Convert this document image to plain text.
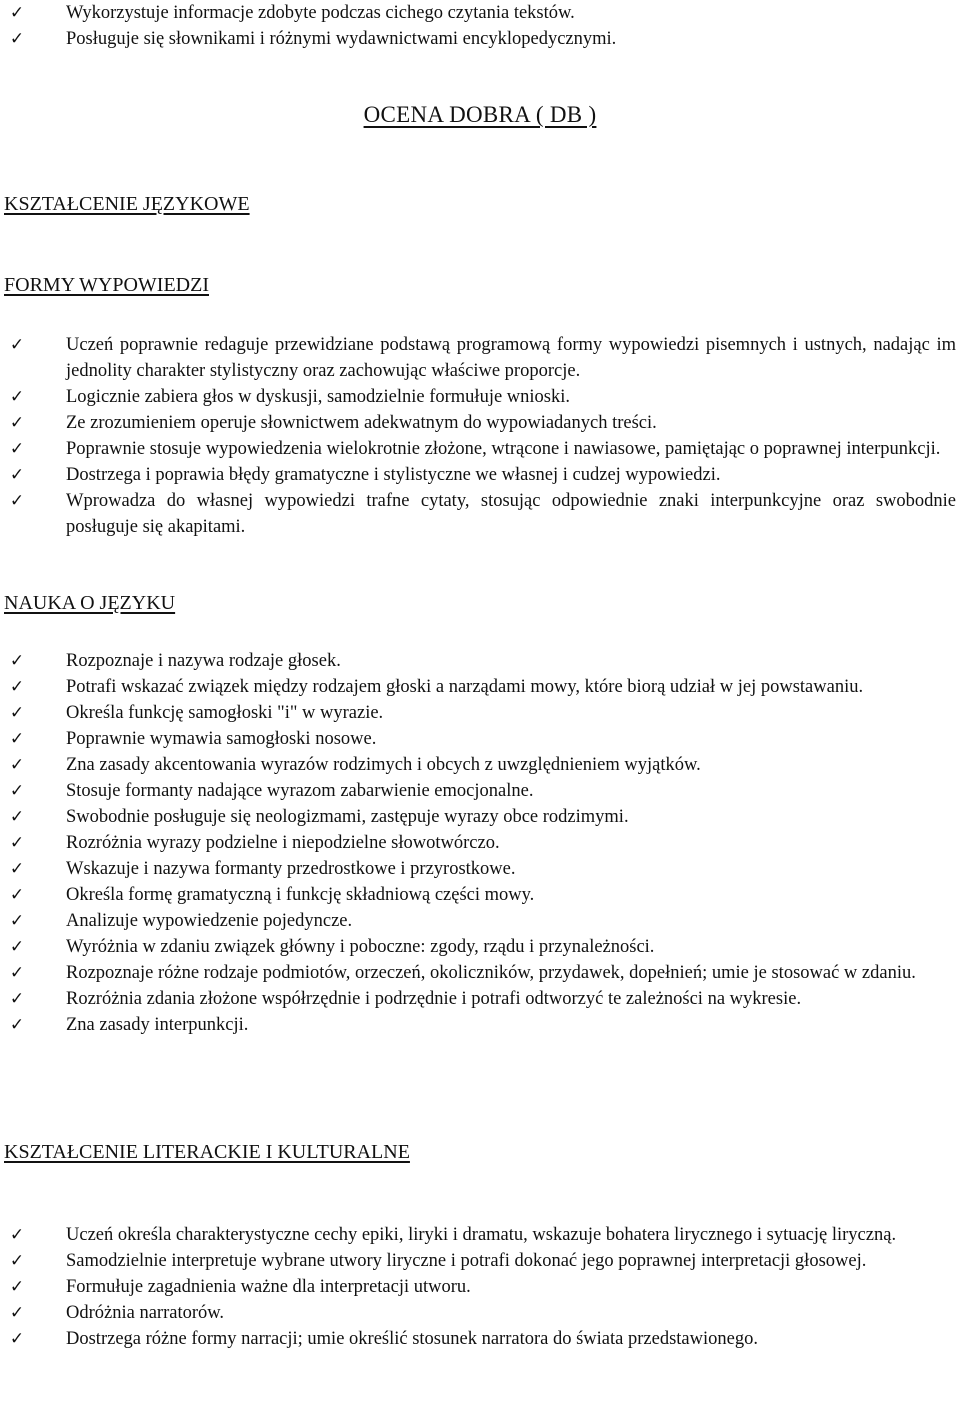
✓	Wykorzystuje informacje zdobyte podczas cichego czytania tekstów.
✓	Posługuje się słownikami i różnymi wydawnictwami encyklopedycznymi.
OCENA DOBRA ( DB )
KSZTAŁCENIE JĘZYKOWE
FORMY WYPOWIEDZI
✓	Uczeń poprawnie redaguje przewidziane podstawą programową formy wypowiedzi pisemnych i ustnych, nadając im jednolity charakter stylistyczny oraz zachowując właściwe proporcje.
✓	Logicznie zabiera głos w dyskusji, samodzielnie formułuje wnioski.
✓	Ze zrozumieniem operuje słownictwem adekwatnym do wypowiadanych treści.
✓	Poprawnie stosuje wypowiedzenia wielokrotnie złożone, wtrącone i nawiasowe, pamiętając o poprawnej interpunkcji.
✓	Dostrzega i poprawia błędy gramatyczne i stylistyczne we własnej i cudzej wypowiedzi.
✓	Wprowadza do własnej wypowiedzi trafne cytaty, stosując odpowiednie znaki interpunkcyjne oraz swobodnie posługuje się akapitami.
NAUKA O JĘZYKU
✓	Rozpoznaje i nazywa rodzaje głosek.
✓	Potrafi wskazać związek między rodzajem głoski a narządami mowy, które biorą udział w jej powstawaniu.
✓	Określa funkcję samogłoski "i" w wyrazie.
✓	Poprawnie wymawia samogłoski nosowe.
✓	Zna zasady akcentowania wyrazów rodzimych i obcych z uwzględnieniem wyjątków.
✓	Stosuje formanty nadające wyrazom zabarwienie emocjonalne.
✓	Swobodnie posługuje się neologizmami, zastępuje wyrazy obce rodzimymi.
✓	Rozróżnia wyrazy podzielne i niepodzielne słowotwórczo.
✓	Wskazuje i nazywa formanty przedrostkowe i przyrostkowe.
✓	Określa formę gramatyczną i funkcję składniową części mowy.
✓	Analizuje wypowiedzenie pojedyncze.
✓	Wyróżnia w zdaniu związek główny i poboczne: zgody, rządu i przynależności.
✓	Rozpoznaje różne rodzaje podmiotów, orzeczeń, okoliczników, przydawek, dopełnień; umie je stosować w zdaniu.
✓	Rozróżnia zdania złożone współrzędnie i podrzędnie i potrafi odtworzyć te zależności na wykresie.
✓	Zna zasady interpunkcji.
KSZTAŁCENIE LITERACKIE I KULTURALNE
✓	Uczeń określa charakterystyczne cechy epiki, liryki i dramatu, wskazuje bohatera lirycznego i sytuację liryczną.
✓	Samodzielnie interpretuje wybrane utwory liryczne i potrafi dokonać jego poprawnej interpretacji głosowej.
✓	Formułuje zagadnienia ważne dla interpretacji utworu.
✓	Odróżnia narratorów.
✓	Dostrzega różne formy narracji; umie określić stosunek narratora do świata przedstawionego.
